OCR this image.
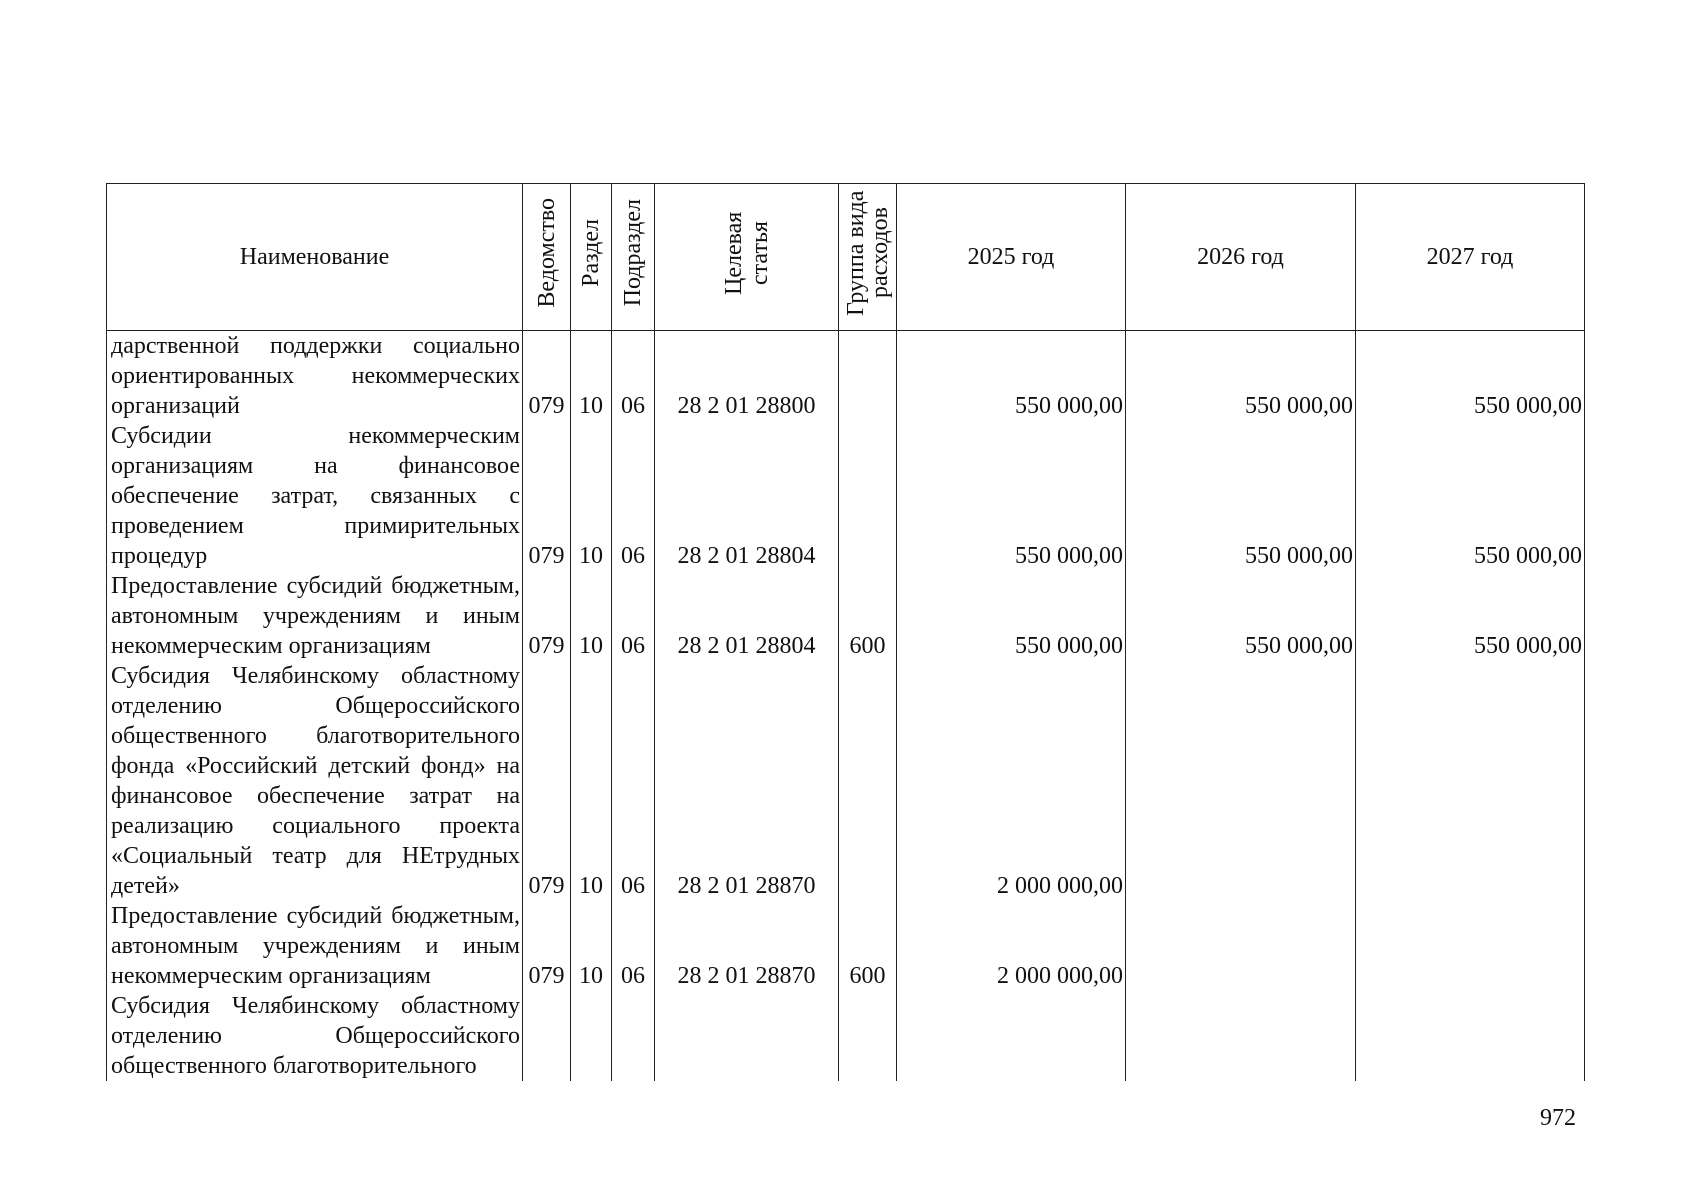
Наименование	Ведомство	Раздел	Подраздел	Целевая статья	Группа вида расходов	2025 год	2026 год	2027 год
дарственной поддержки социально ориентированных некоммерческих организаций	079	10	06	28 2 01 28800		550 000,00	550 000,00	550 000,00
Субсидии некоммерческим организациям на финансовое обеспечение затрат, связанных с проведением примирительных процедур	079	10	06	28 2 01 28804		550 000,00	550 000,00	550 000,00
Предоставление субсидий бюджетным, автономным учреждениям и иным некоммерческим организациям	079	10	06	28 2 01 28804	600	550 000,00	550 000,00	550 000,00
Субсидия Челябинскому областному отделению Общероссийского общественного благотворительного фонда «Российский детский фонд» на финансовое обеспечение затрат на реализацию социального проекта «Социальный театр для НЕтрудных детей»	079	10	06	28 2 01 28870		2 000 000,00		
Предоставление субсидий бюджетным, автономным учреждениям и иным некоммерческим организациям	079	10	06	28 2 01 28870	600	2 000 000,00		
Субсидия Челябинскому областному отделению Общероссийского общественного благотворительного								
972
